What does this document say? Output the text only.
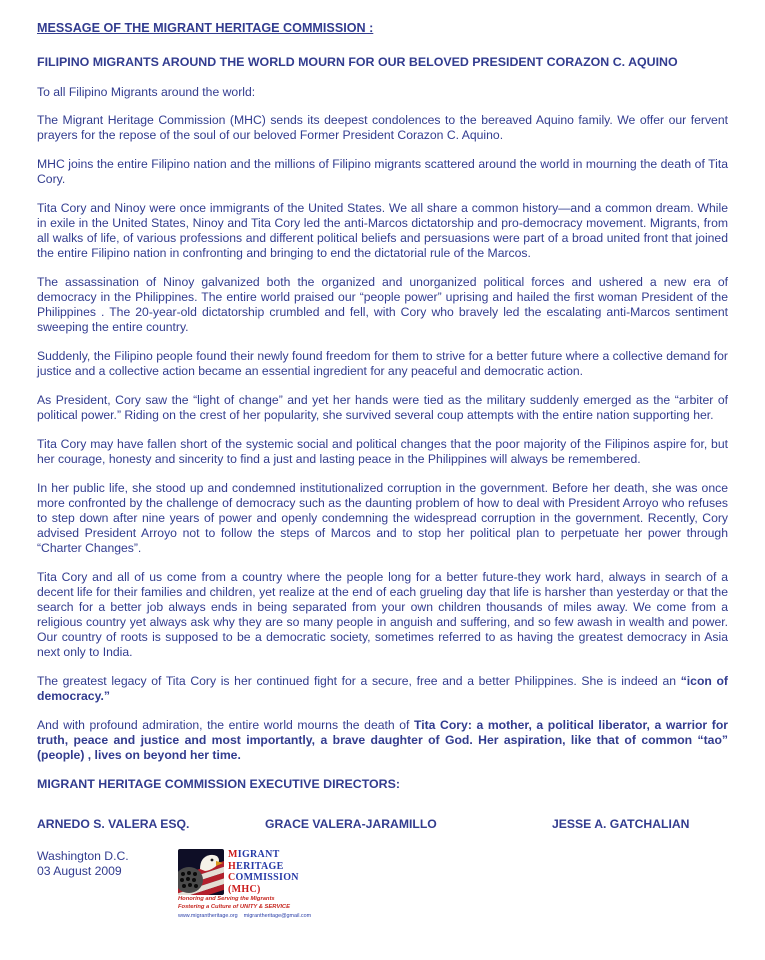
MESSAGE OF THE MIGRANT HERITAGE COMMISSION :
FILIPINO MIGRANTS AROUND THE WORLD MOURN FOR OUR BELOVED PRESIDENT CORAZON C. AQUINO

To all Filipino Migrants around the world:

The Migrant Heritage Commission (MHC) sends its deepest condolences to the bereaved Aquino family. We offer our fervent prayers for the repose of the soul of our beloved Former President Corazon C. Aquino.

MHC joins the entire Filipino nation and the millions of Filipino migrants scattered around the world in mourning the death of Tita Cory.

Tita Cory and Ninoy were once immigrants of the United States. We all share a common history—and a common dream. While in exile in the United States, Ninoy and Tita Cory led the anti-Marcos dictatorship and pro-democracy movement. Migrants, from all walks of life, of various professions and different political beliefs and persuasions were part of a broad united front that joined the entire Filipino nation in confronting and bringing to end the dictatorial rule of the Marcos.

The assassination of Ninoy galvanized both the organized and unorganized political forces and ushered a new era of democracy in the Philippines. The entire world praised our “people power” uprising and hailed the first woman President of the Philippines . The 20-year-old dictatorship crumbled and fell, with Cory who bravely led the escalating anti-Marcos sentiment sweeping the entire country.

Suddenly, the Filipino people found their newly found freedom for them to strive for a better future where a collective demand for justice and a collective action became an essential ingredient for any peaceful and democratic action.

As President, Cory saw the “light of change” and yet her hands were tied as the military suddenly emerged as the “arbiter of political power.” Riding on the crest of her popularity, she survived several coup attempts with the entire nation supporting her.

Tita Cory may have fallen short of the systemic social and political changes that the poor majority of the Filipinos aspire for, but her courage, honesty and sincerity to find a just and lasting peace in the Philippines will always be remembered.

In her public life, she stood up and condemned institutionalized corruption in the government. Before her death, she was once more confronted by the challenge of democracy such as the daunting problem of how to deal with President Arroyo who refuses to step down after nine years of power and openly condemning the widespread corruption in the government. Recently, Cory advised President Arroyo not to follow the steps of Marcos and to stop her political plan to perpetuate her power through “Charter Changes”.

Tita Cory and all of us come from a country where the people long for a better future-they work hard, always in search of a decent life for their families and children, yet realize at the end of each grueling day that life is harsher than yesterday or that the search for a better job always ends in being separated from your own children thousands of miles away. We come from a religious country yet always ask why they are so many people in anguish and suffering, and so few awash in wealth and power. Our country of roots is supposed to be a democratic society, sometimes referred to as having the greatest democracy in Asia next only to India.

The greatest legacy of Tita Cory is her continued fight for a secure, free and a better Philippines. She is indeed an “icon of democracy.”

And with profound admiration, the entire world mourns the death of Tita Cory: a mother, a political liberator, a warrior for truth, peace and justice and most importantly, a brave daughter of God. Her aspiration, like that of common “tao” (people) , lives on beyond her time.

MIGRANT HERITAGE COMMISSION EXECUTIVE DIRECTORS:
ARNEDO S. VALERA ESQ.	GRACE VALERA-JARAMILLO	JESSE A. GATCHALIAN
Washington D.C.
03 August 2009
MIGRANT
HERITAGE
COMMISSION
(MHC)
Honoring and Serving the Migrants
Fostering a Culture of UNITY & SERVICE
www.migrantheritage.org migrantheritage@gmail.com
